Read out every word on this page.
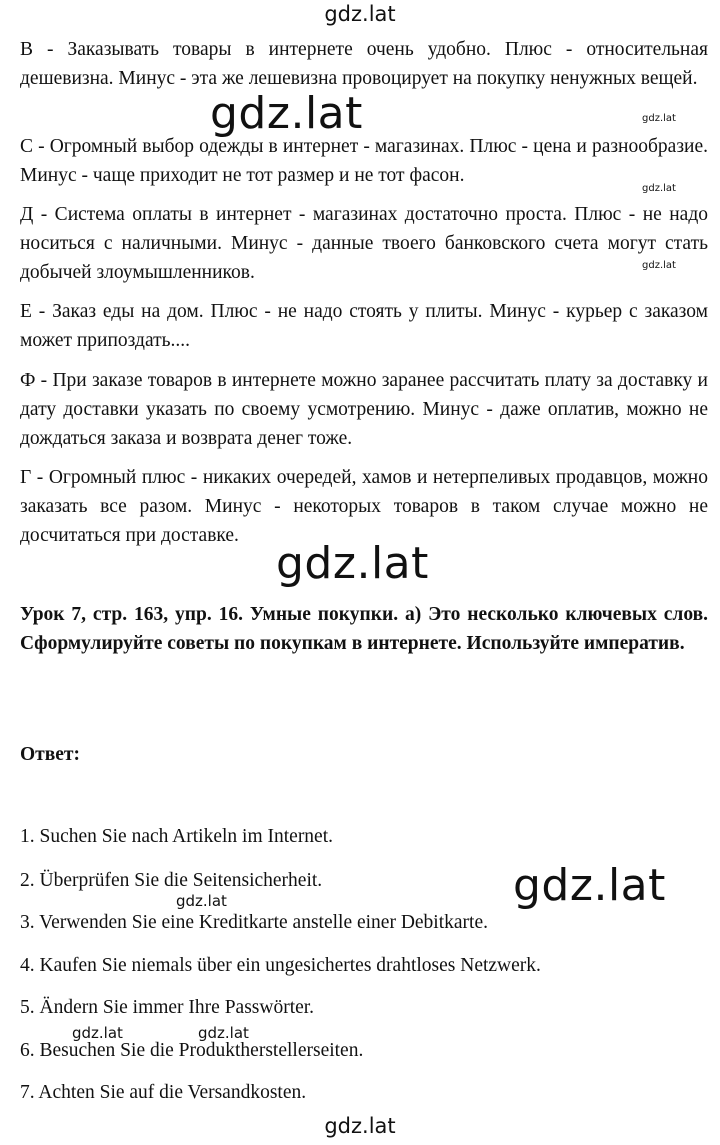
gdz.lat
B - Заказывать товары в интернете очень удобно. Плюс - относительная дешевизна. Минус - эта же лешевизна провоцирует на покупку ненужных вещей.
C - Огромный выбор одежды в интернет - магазинах. Плюс - цена и разнообразие. Минус - чаще приходит не тот размер и не тот фасон.
Д - Система оплаты в интернет - магазинах достаточно проста. Плюс - не надо носиться с наличными. Минус - данные твоего банковского счета могут стать добычей злоумышленников.
E - Заказ еды на дом. Плюс - не надо стоять у плиты. Минус - курьер с заказом может припоздать....
Ф - При заказе товаров в интернете можно заранее рассчитать плату за доставку и дату доставки указать по своему усмотрению. Минус - даже оплатив, можно не дождаться заказа и возврата денег тоже.
Г - Огромный плюс - никаких очередей, хамов и нетерпеливых продавцов, можно заказать все разом. Минус - некоторых товаров в таком случае можно не досчитаться при доставке.
Урок 7, стр. 163, упр. 16. Умные покупки. а) Это несколько ключевых слов. Сформулируйте советы по покупкам в интернете. Используйте императив.
Ответ:
1. Suchen Sie nach Artikeln im Internet.
2. Überprüfen Sie die Seitensicherheit.
3. Verwenden Sie eine Kreditkarte anstelle einer Debitkarte.
4. Kaufen Sie niemals über ein ungesichertes drahtloses Netzwerk.
5. Ändern Sie immer Ihre Passwörter.
6. Besuchen Sie die Produktherstellerseiten.
7. Achten Sie auf die Versandkosten.
gdz.lat
gdz.lat
gdz.lat
gdz.lat
gdz.lat
gdz.lat
gdz.lat
gdz.lat	gdz.lat
gdz.lat
